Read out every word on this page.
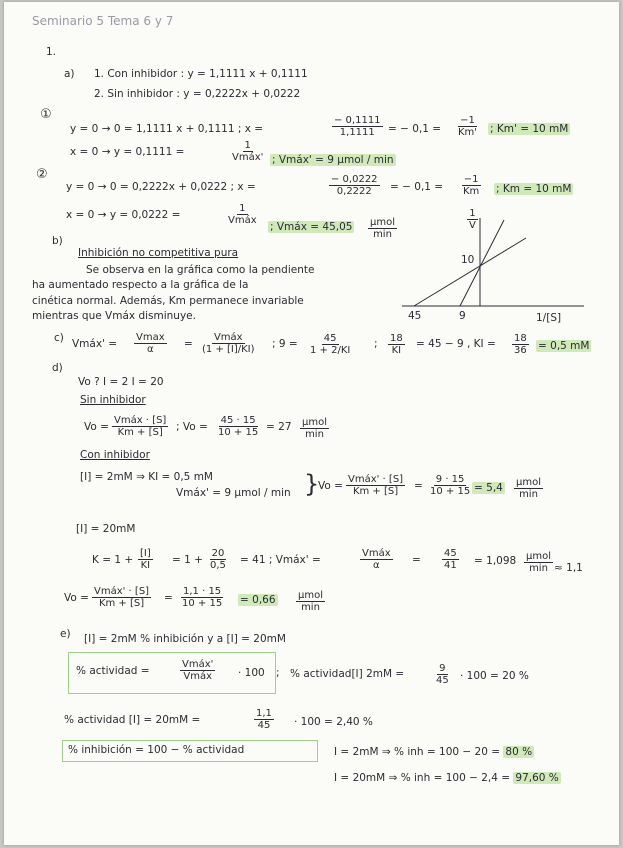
Seminario 5 Tema 6 y 7
1.
a) 1. Con inhibidor : y = 1,1111 x + 0,1111
2. Sin inhibidor : y = 0,2222x + 0,0222
①
y = 0 → 0 = 1,1111 x + 0,1111 ; x =	$\frac{- 0,1111}{1,1111}$ = − $0,1 = \frac{-1}{Km'}$ ; Km' = 10 mM
x = 0 → y = 0,1111 =
1
Vmáx' ; Vmáx' = 9 μmol / min
②
y = 0 → 0 = 0,2222x + 0,0222 ; x =	$\frac{- 0,0222}{0,2222}$ = − $0,1 = \frac{-1}{Km}$ ; Km = 10 mM
x = 0 → y = 0,0222 =
1
Vmáx
; Vmáx = 45,05 μmol
min
b)
Inhibición no competitiva pura
Se observa en la gráfica como la pendiente
ha aumentado respecto a la gráfica de la
cinética normal. Además, Km permanece invariable
mientras que Vmáx disminuye.
$\frac{1}{V}$
10
45	9	1/[S]
c) Vmáx' =
Vmax
α	=
Vmáx
(1 + [I]/KI) ; $9 = \frac{45}{1 + 2/KI}$ ; $\frac{18}{KI} = 45 - 9$ , KI = $\frac{18}{36} = 0,5$ mM
d)
Vo ? I = 2 I = 20
Sin inhibidor
Vo =
Vmáx · [S]
Km + [S] ; $Vo = \frac{45 \cdot 15}{10 + 15} = 27$ μmol
min
Con inhibidor
[I] = 2mM ⇒ KI = 0,5 mM
Vmáx' = 9 μmol / min }
Vo =
Vmáx' · [S]
$Km + [S] = \frac{9 \cdot 15}{10 + 15} = 5,4$ μmol
min
[I] = 20mM
$K = 1 + \frac{[I]}{KI} = 1 + \frac{20}{0,5} = 41$ ; Vmáx' =
Vmáx
α	= $\frac{45}{41} = 1,098$ μmol
min ≈ 1,1
Vo =
Vmáx' · [S]
$Km + [S] = \frac{1,1 \cdot 15}{10 + 15} = 0,66$ μmol
min
e) [I] = 2mM % inhibición y a [I] = 20mM
% actividad =
Vmáx'
Vmáx · 100 ; % actividad[I] 2mM =	$\frac{9}{45} \cdot 100 = 20$ %
% actividad [I] = 20mM =	$\frac{1,1}{45} \cdot 100 = 2,40$ %
% inhibición = 100 − % actividad	I = 2mM ⇒ % inh = 100 − 20 = 80 %
I = 20mM ⇒ % inh = 100 − 2,4 = 97,60 %
